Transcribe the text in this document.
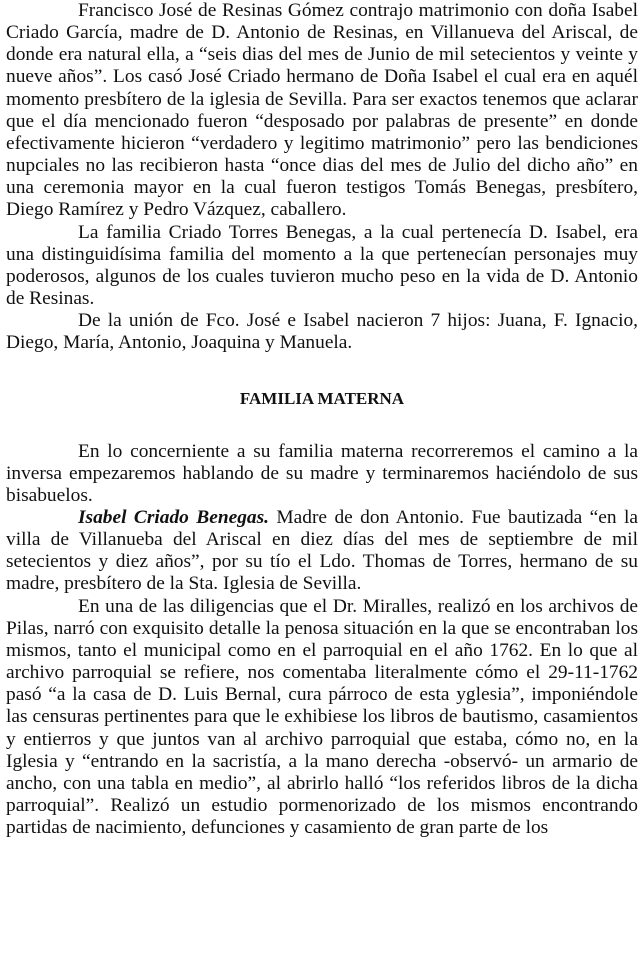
Francisco José de Resinas Gómez contrajo matrimonio con doña Isabel Criado García, madre de D. Antonio de Resinas, en Villanueva del Ariscal, de donde era natural ella, a “seis dias del mes de Junio de mil setecientos y veinte y nueve años”. Los casó José Criado hermano de Doña Isabel el cual era en aquél momento presbítero de la iglesia de Sevilla. Para ser exactos tenemos que aclarar que el día mencionado fueron “desposado por palabras de presente” en donde efectivamente hicieron “verdadero y legitimo matrimonio” pero las bendiciones nupciales no las recibieron hasta “once dias del mes de Julio del dicho año” en una ceremonia mayor en la cual fueron testigos Tomás Benegas, presbítero, Diego Ramírez y Pedro Vázquez, caballero.

La familia Criado Torres Benegas, a la cual pertenecía D. Isabel, era una distinguidísima familia del momento a la que pertenecían personajes muy poderosos, algunos de los cuales tuvieron mucho peso en la vida de D. Antonio de Resinas.

De la unión de Fco. José e Isabel nacieron 7 hijos: Juana, F. Ignacio, Diego, María, Antonio, Joaquina y Manuela.

FAMILIA MATERNA

En lo concerniente a su familia materna recorreremos el camino a la inversa empezaremos hablando de su madre y terminaremos haciéndolo de sus bisabuelos.

Isabel Criado Benegas. Madre de don Antonio. Fue bautizada “en la villa de Villanueba del Ariscal en diez días del mes de septiembre de mil setecientos y diez años”, por su tío el Ldo. Thomas de Torres, hermano de su madre, presbítero de la Sta. Iglesia de Sevilla.

En una de las diligencias que el Dr. Miralles, realizó en los archivos de Pilas, narró con exquisito detalle la penosa situación en la que se encontraban los mismos, tanto el municipal como en el parroquial en el año 1762. En lo que al archivo parroquial se refiere, nos comentaba literalmente cómo el 29-11-1762 pasó “a la casa de D. Luis Bernal, cura párroco de esta yglesia”, imponiéndole las censuras pertinentes para que le exhibiese los libros de bautismo, casamientos y entierros y que juntos van al archivo parroquial que estaba, cómo no, en la Iglesia y “entrando en la sacristía, a la mano derecha -observó- un armario de ancho, con una tabla en medio”, al abrirlo halló “los referidos libros de la dicha parroquial”. Realizó un estudio pormenorizado de los mismos encontrando partidas de nacimiento, defunciones y casamiento de gran parte de los
